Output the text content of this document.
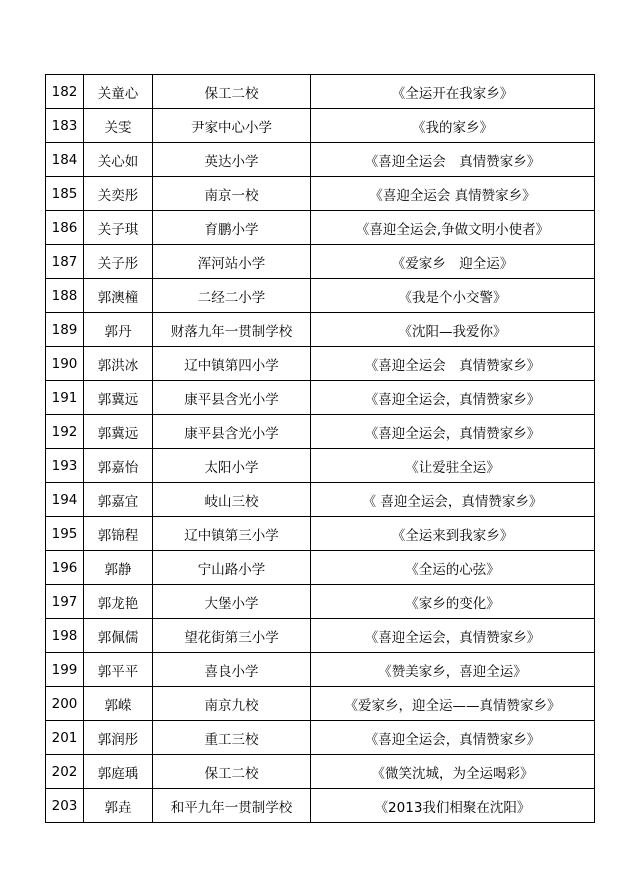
182	关童心	保工二校	《全运开在我家乡》
183	关雯	尹家中心小学	《我的家乡》
184	关心如	英达小学	《喜迎全运会　真情赞家乡》
185	关奕彤	南京一校	《喜迎全运会 真情赞家乡》
186	关子琪	育鹏小学	《喜迎全运会,争做文明小使者》
187	关子彤	浑河站小学	《爱家乡　迎全运》
188	郭澳橦	二经二小学	《我是个小交警》
189	郭丹	财落九年一贯制学校	《沈阳—我爱你》
190	郭洪冰	辽中镇第四小学	《喜迎全运会　真情赞家乡》
191	郭冀远	康平县含光小学	《喜迎全运会，真情赞家乡》
192	郭冀远	康平县含光小学	《喜迎全运会，真情赞家乡》
193	郭嘉怡	太阳小学	《让爱驻全运》
194	郭嘉宜	岐山三校	《 喜迎全运会，真情赞家乡》
195	郭锦程	辽中镇第三小学	《全运来到我家乡》
196	郭静	宁山路小学	《全运的心弦》
197	郭龙艳	大堡小学	《家乡的变化》
198	郭佩儒	望花街第三小学	《喜迎全运会，真情赞家乡》
199	郭平平	喜良小学	《赞美家乡，喜迎全运》
200	郭嵘	南京九校	《爱家乡，迎全运——真情赞家乡》
201	郭润彤	重工三校	《喜迎全运会，真情赞家乡》
202	郭庭瑀	保工二校	《微笑沈城，为全运喝彩》
203	郭垚	和平九年一贯制学校	《2013我们相聚在沈阳》
